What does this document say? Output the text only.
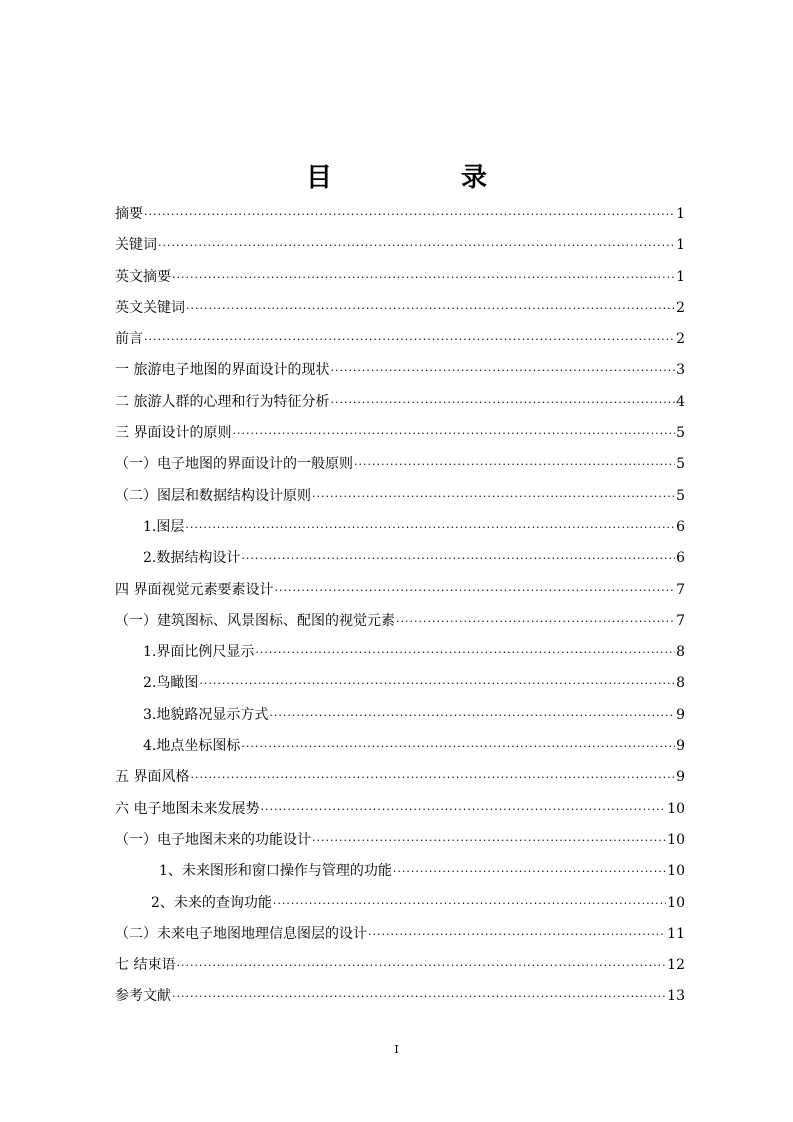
目 录
摘要 ·····	1
关键词 ·····	1
英文摘要 ·····	1
英文关键词 ·····	2
前言 ·····	2
一 旅游电子地图的界面设计的现状 ·····	3
二 旅游人群的心理和行为特征分析 ·····	4
三 界面设计的原则 ·····	5
（一）电子地图的界面设计的一般原则 ·····	5
（二）图层和数据结构设计原则 ·····	5
1.图层 ·····	6
2.数据结构设计 ·····	6
四 界面视觉元素要素设计 ·····	7
（一）建筑图标、风景图标、配图的视觉元素 ·····	7
1.界面比例尺显示 ·····	8
2.鸟瞰图 ·····	8
3.地貌路况显示方式 ·····	9
4.地点坐标图标 ·····	9
五 界面风格 ·····	9
六 电子地图未来发展势 ·····	10
（一）电子地图未来的功能设计 ·····	10
1、未来图形和窗口操作与管理的功能 ·····	10
2、未来的查询功能 ·····	10
（二）未来电子地图地理信息图层的设计 ·····	11
七 结束语 ·····	12
参考文献 ·····	13
I
